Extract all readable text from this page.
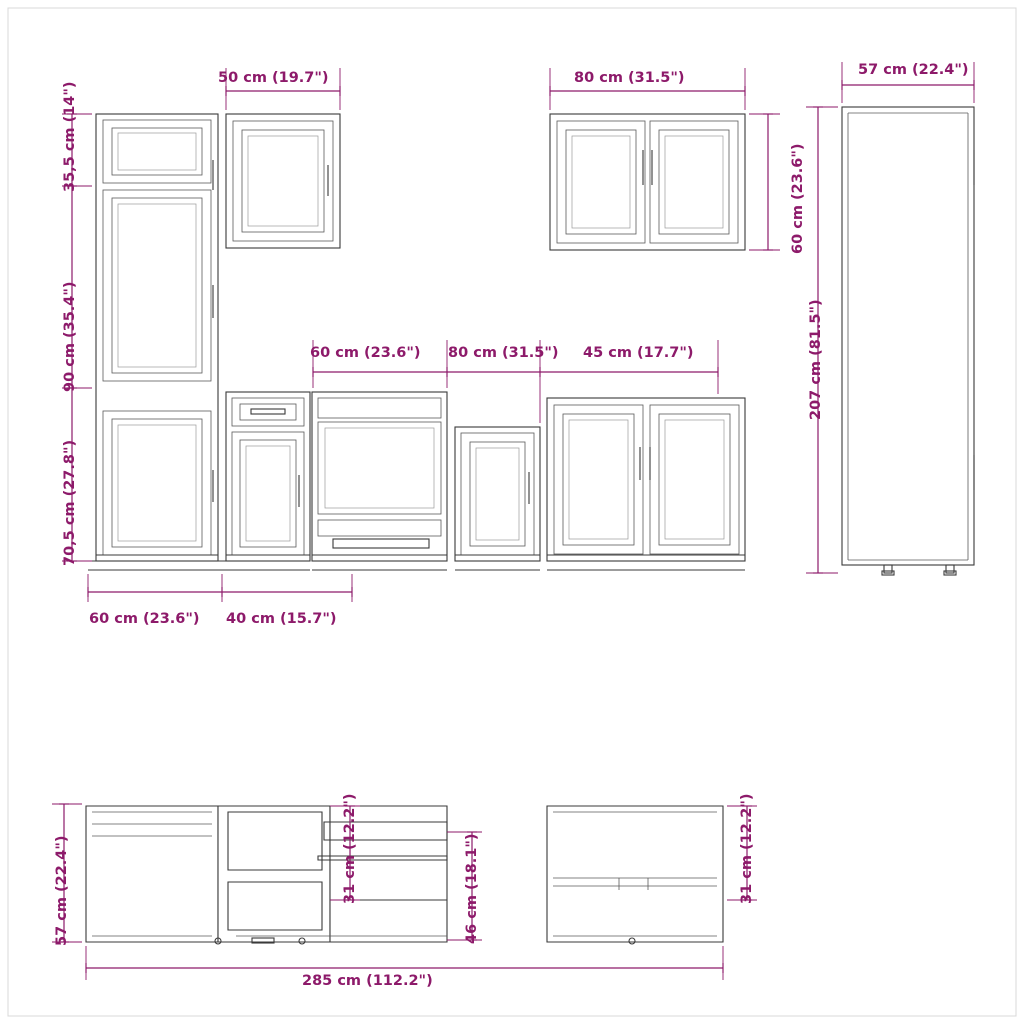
50 cm (19.7")	80 cm (31.5")	57 cm (22.4")
35,5 cm (14")
90 cm (35.4")
70,5 cm (27.8")
60 cm (23.6")
207 cm (81.5")
60 cm (23.6") 80 cm (31.5") 45 cm (17.7")
60 cm (23.6") 40 cm (15.7")
57 cm (22.4")	31 cm (12.2")	46 cm (18.1")	31 cm (12.2")
285 cm (112.2")
